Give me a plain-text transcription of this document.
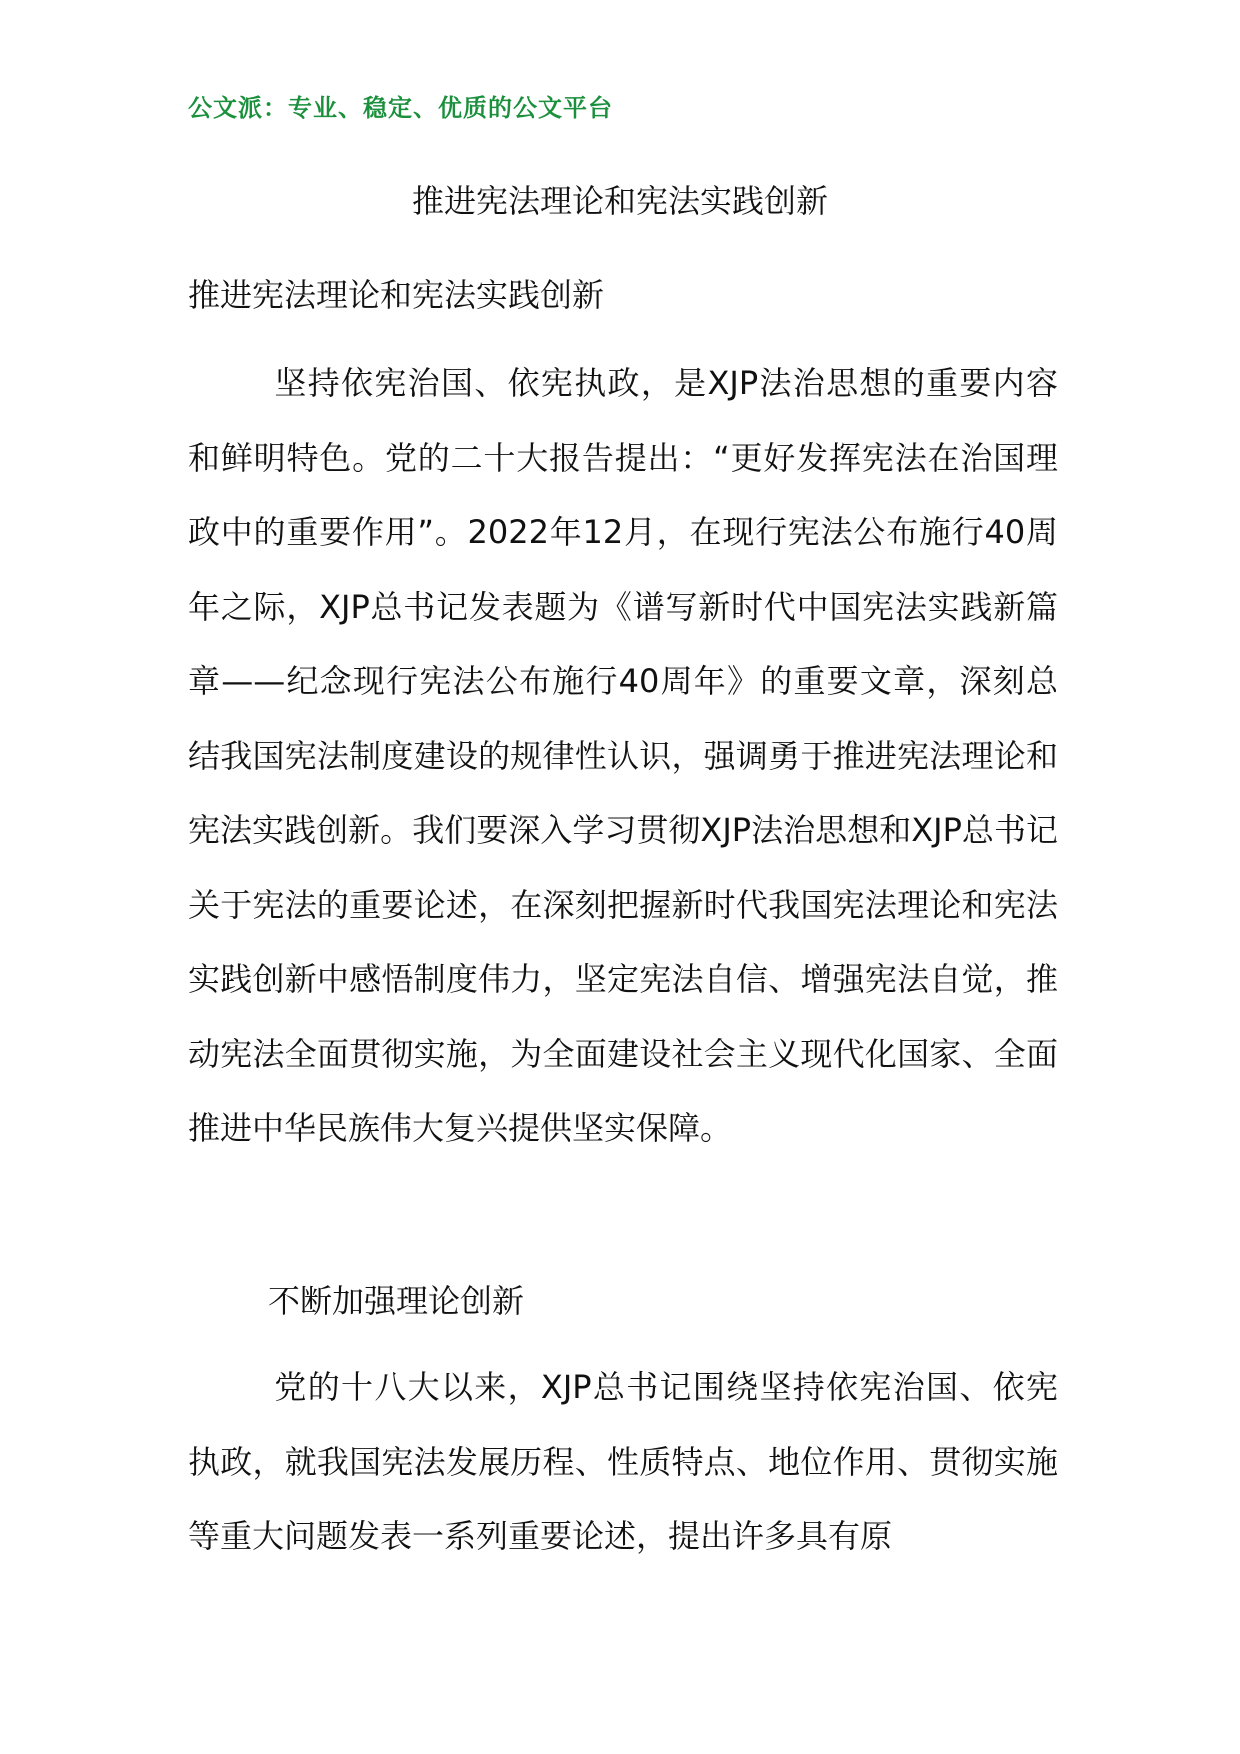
公文派：专业、稳定、优质的公文平台
推进宪法理论和宪法实践创新
推进宪法理论和宪法实践创新

坚持依宪治国、依宪执政，是XJP法治思想的重要内容和鲜明特色。党的二十大报告提出：“更好发挥宪法在治国理政中的重要作用”。2022年12月，在现行宪法公布施行40周年之际，XJP总书记发表题为《谱写新时代中国宪法实践新篇章——纪念现行宪法公布施行40周年》的重要文章，深刻总结我国宪法制度建设的规律性认识，强调勇于推进宪法理论和宪法实践创新。我们要深入学习贯彻XJP法治思想和XJP总书记关于宪法的重要论述，在深刻把握新时代我国宪法理论和宪法实践创新中感悟制度伟力，坚定宪法自信、增强宪法自觉，推动宪法全面贯彻实施，为全面建设社会主义现代化国家、全面推进中华民族伟大复兴提供坚实保障。

不断加强理论创新

党的十八大以来，XJP总书记围绕坚持依宪治国、依宪执政，就我国宪法发展历程、性质特点、地位作用、贯彻实施等重大问题发表一系列重要论述，提出许多具有原
